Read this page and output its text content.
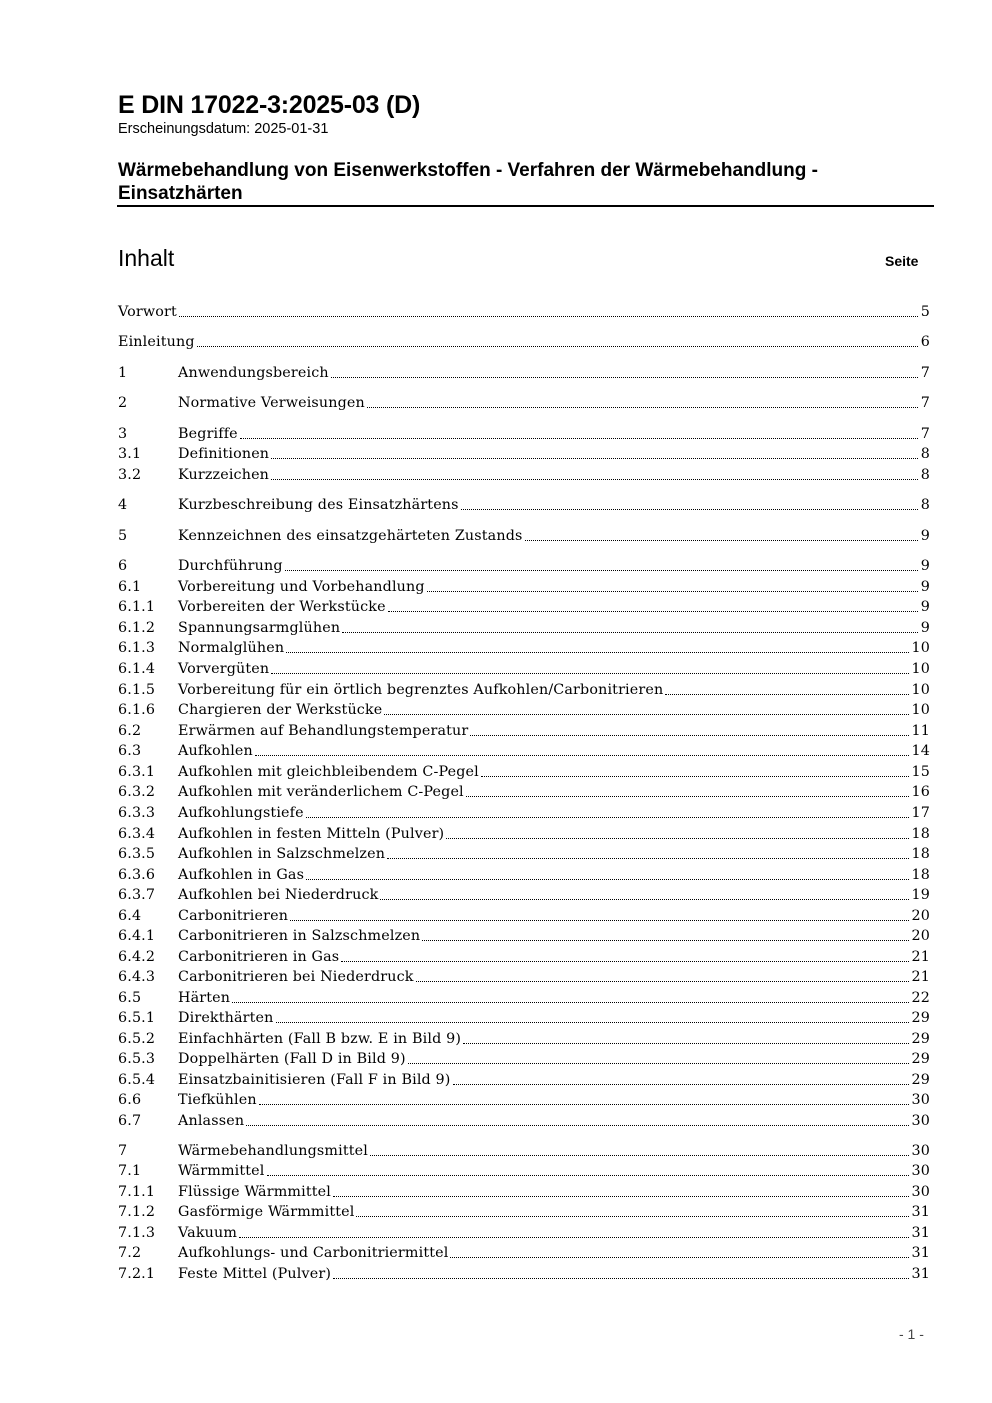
E DIN 17022-3:2025-03 (D)
Erscheinungsdatum: 2025-01-31
Wärmebehandlung von Eisenwerkstoffen - Verfahren der Wärmebehandlung - Einsatzhärten
Inhalt	Seite
Vorwort	5
Einleitung	6
1	Anwendungsbereich	7
2	Normative Verweisungen	7
3	Begriffe	7
3.1	Definitionen	8
3.2	Kurzzeichen	8
4	Kurzbeschreibung des Einsatzhärtens	8
5	Kennzeichnen des einsatzgehärteten Zustands	9
6	Durchführung	9
6.1	Vorbereitung und Vorbehandlung	9
6.1.1	Vorbereiten der Werkstücke	9
6.1.2	Spannungsarmglühen	9
6.1.3	Normalglühen	10
6.1.4	Vorvergüten	10
6.1.5	Vorbereitung für ein örtlich begrenztes Aufkohlen/Carbonitrieren	10
6.1.6	Chargieren der Werkstücke	10
6.2	Erwärmen auf Behandlungstemperatur	11
6.3	Aufkohlen	14
6.3.1	Aufkohlen mit gleichbleibendem C-Pegel	15
6.3.2	Aufkohlen mit veränderlichem C-Pegel	16
6.3.3	Aufkohlungstiefe	17
6.3.4	Aufkohlen in festen Mitteln (Pulver)	18
6.3.5	Aufkohlen in Salzschmelzen	18
6.3.6	Aufkohlen in Gas	18
6.3.7	Aufkohlen bei Niederdruck	19
6.4	Carbonitrieren	20
6.4.1	Carbonitrieren in Salzschmelzen	20
6.4.2	Carbonitrieren in Gas	21
6.4.3	Carbonitrieren bei Niederdruck	21
6.5	Härten	22
6.5.1	Direkthärten	29
6.5.2	Einfachhärten (Fall B bzw. E in Bild 9)	29
6.5.3	Doppelhärten (Fall D in Bild 9)	29
6.5.4	Einsatzbainitisieren (Fall F in Bild 9)	29
6.6	Tiefkühlen	30
6.7	Anlassen	30
7	Wärmebehandlungsmittel	30
7.1	Wärmmittel	30
7.1.1	Flüssige Wärmmittel	30
7.1.2	Gasförmige Wärmmittel	31
7.1.3	Vakuum	31
7.2	Aufkohlungs- und Carbonitriermittel	31
7.2.1	Feste Mittel (Pulver)	31
- 1 -
